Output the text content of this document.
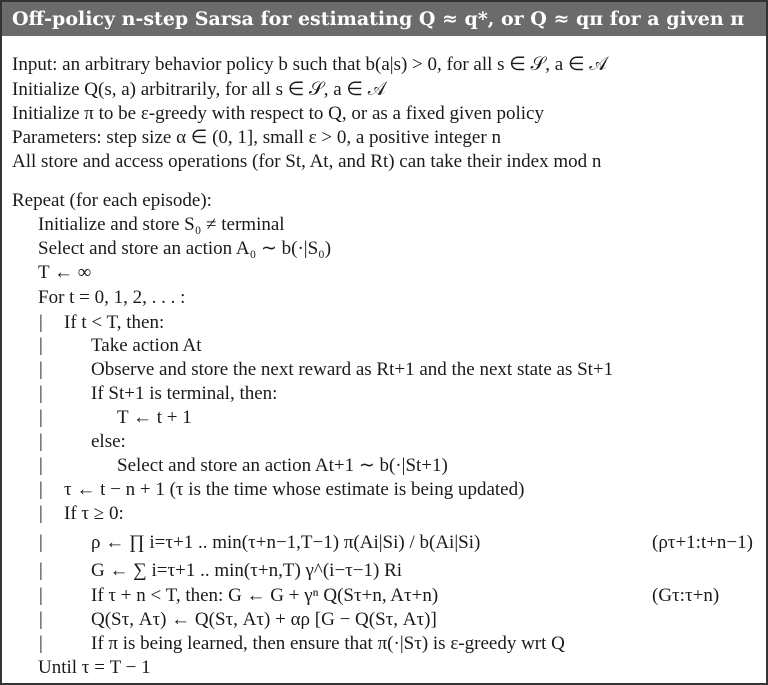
Off-policy n-step Sarsa for estimating Q ≈ q*, or Q ≈ qπ for a given π
Input: an arbitrary behavior policy b such that b(a|s) > 0, for all s ∈ 𝒮, a ∈ 𝒜
Initialize Q(s, a) arbitrarily, for all s ∈ 𝒮, a ∈ 𝒜
Initialize π to be ε-greedy with respect to Q, or as a fixed given policy
Parameters: step size α ∈ (0, 1], small ε > 0, a positive integer n
All store and access operations (for St, At, and Rt) can take their index mod n
Repeat (for each episode):
Initialize and store S₀ ≠ terminal
Select and store an action A₀ ∼ b(·|S₀)
T ← ∞
For t = 0, 1, 2, . . . :
| If t < T, then:
|	Take action At
|	Observe and store the next reward as Rt+1 and the next state as St+1
|	If St+1 is terminal, then:
|	T ← t + 1
|	else:
|	Select and store an action At+1 ∼ b(·|St+1)
| τ ← t − n + 1 (τ is the time whose estimate is being updated)
| If τ ≥ 0:
|	ρ ← ∏ i=τ+1 .. min(τ+n−1,T−1) π(Ai|Si) / b(Ai|Si)	(ρτ+1:t+n−1)
|	G ← ∑ i=τ+1 .. min(τ+n,T) γ^(i−τ−1) Ri
|	If τ + n < T, then: G ← G + γⁿ Q(Sτ+n, Aτ+n)	(Gτ:τ+n)
|	Q(Sτ, Aτ) ← Q(Sτ, Aτ) + αρ [G − Q(Sτ, Aτ)]
|	If π is being learned, then ensure that π(·|Sτ) is ε-greedy wrt Q
Until τ = T − 1
